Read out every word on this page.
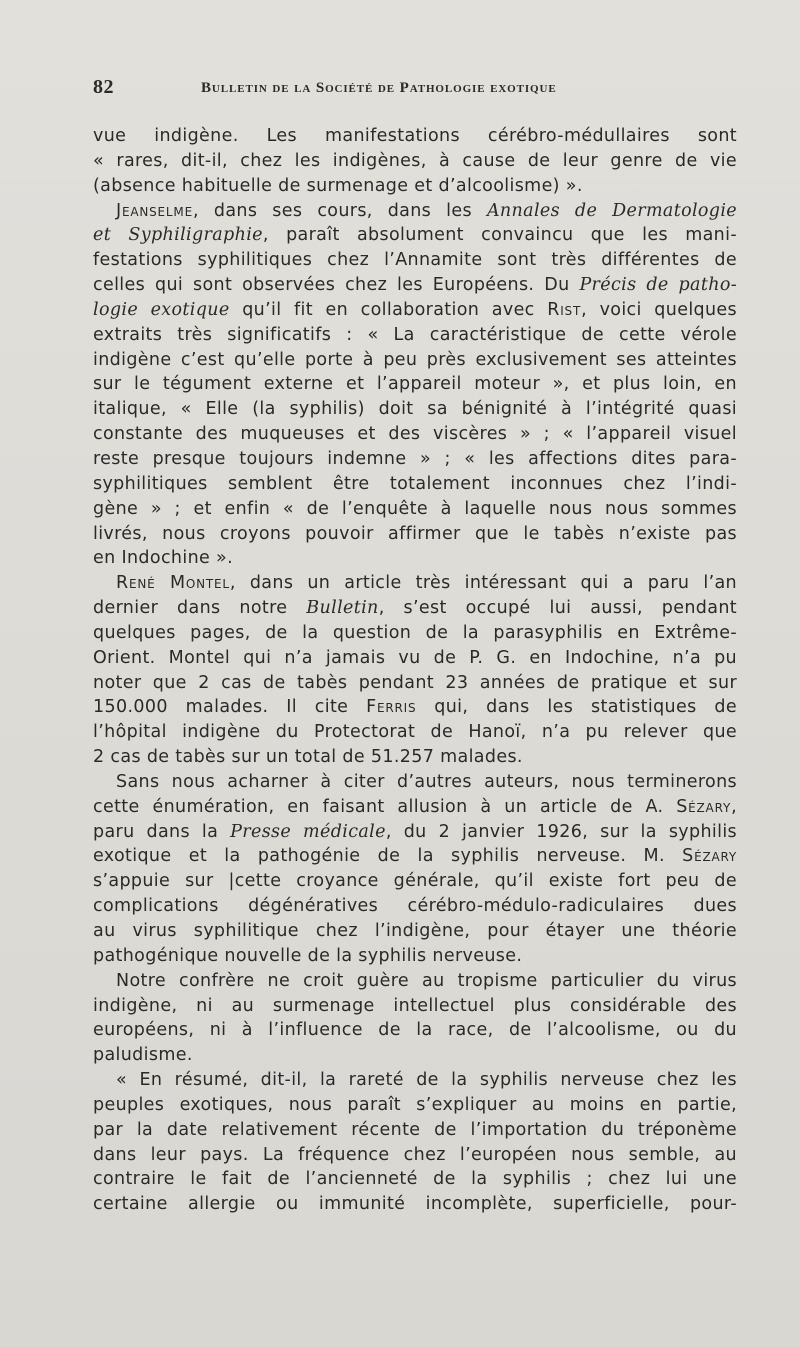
82	Bulletin de la Société de Pathologie exotique
vue indigène. Les manifestations cérébro-médullaires sont
« rares, dit-il, chez les indigènes, à cause de leur genre de vie
(absence habituelle de surmenage et d’alcoolisme) ».
Jeanselme, dans ses cours, dans les Annales de Dermatologie
et Syphiligraphie, paraît absolument convaincu que les mani-
festations syphilitiques chez l’Annamite sont très différentes de
celles qui sont observées chez les Européens. Du Précis de patho-
logie exotique qu’il fit en collaboration avec Rist, voici quelques
extraits très significatifs : « La caractéristique de cette vérole
indigène c’est qu’elle porte à peu près exclusivement ses atteintes
sur le tégument externe et l’appareil moteur », et plus loin, en
italique, « Elle (la syphilis) doit sa bénignité à l’intégrité quasi
constante des muqueuses et des viscères » ; « l’appareil visuel
reste presque toujours indemne » ; « les affections dites para-
syphilitiques semblent être totalement inconnues chez l’indi-
gène » ; et enfin « de l’enquête à laquelle nous nous sommes
livrés, nous croyons pouvoir affirmer que le tabès n’existe pas
en Indochine ».
René Montel, dans un article très intéressant qui a paru l’an
dernier dans notre Bulletin, s’est occupé lui aussi, pendant
quelques pages, de la question de la parasyphilis en Extrême-
Orient. Montel qui n’a jamais vu de P. G. en Indochine, n’a pu
noter que 2 cas de tabès pendant 23 années de pratique et sur
150.000 malades. Il cite Ferris qui, dans les statistiques de
l’hôpital indigène du Protectorat de Hanoï, n’a pu relever que
2 cas de tabès sur un total de 51.257 malades.
Sans nous acharner à citer d’autres auteurs, nous terminerons
cette énumération, en faisant allusion à un article de A. Sézary,
paru dans la Presse médicale, du 2 janvier 1926, sur la syphilis
exotique et la pathogénie de la syphilis nerveuse. M. Sézary
s’appuie sur |cette croyance générale, qu’il existe fort peu de
complications dégénératives cérébro-médulo-radiculaires dues
au virus syphilitique chez l’indigène, pour étayer une théorie
pathogénique nouvelle de la syphilis nerveuse.
Notre confrère ne croit guère au tropisme particulier du virus
indigène, ni au surmenage intellectuel plus considérable des
européens, ni à l’influence de la race, de l’alcoolisme, ou du
paludisme.
« En résumé, dit-il, la rareté de la syphilis nerveuse chez les
peuples exotiques, nous paraît s’expliquer au moins en partie,
par la date relativement récente de l’importation du tréponème
dans leur pays. La fréquence chez l’européen nous semble, au
contraire le fait de l’ancienneté de la syphilis ; chez lui une
certaine allergie ou immunité incomplète, superficielle, pour-
